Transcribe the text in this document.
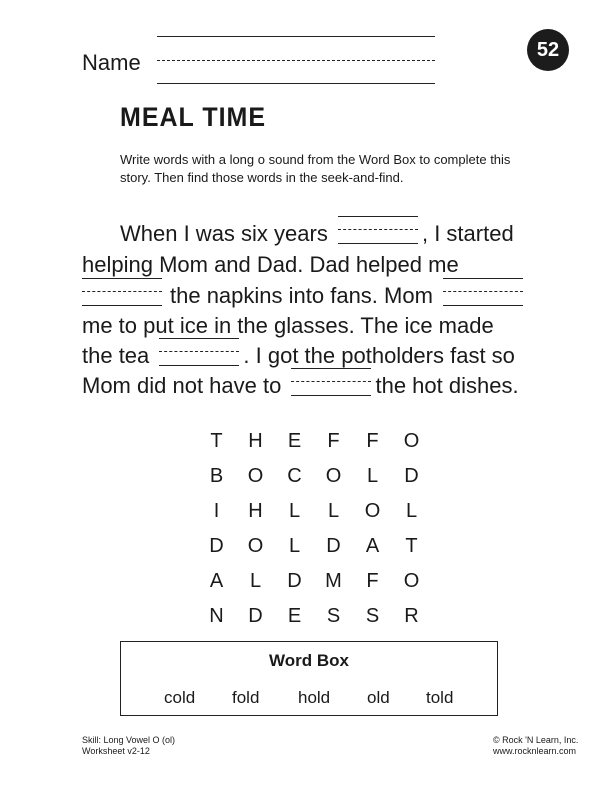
Name
52
MEAL TIME
Write words with a long o sound from the Word Box to complete this story. Then find those words in the seek-and-find.
When I was six years	, I started
helping Mom and Dad. Dad helped me
the napkins into fans. Mom
me to put ice in the glasses. The ice made
the tea	. I got the potholders fast so
Mom did not have to	the hot dishes.
T	H	E	F	F	O
B	O	C	O	L	D
I	H	L	L	O	L
D	O	L	D	A	T
A	L	D	M	F	O
N	D	E	S	S	R
Word Box
cold fold hold old told
Skill: Long Vowel O (ol)
Worksheet v2-12
© Rock 'N Learn, Inc.
www.rocknlearn.com
